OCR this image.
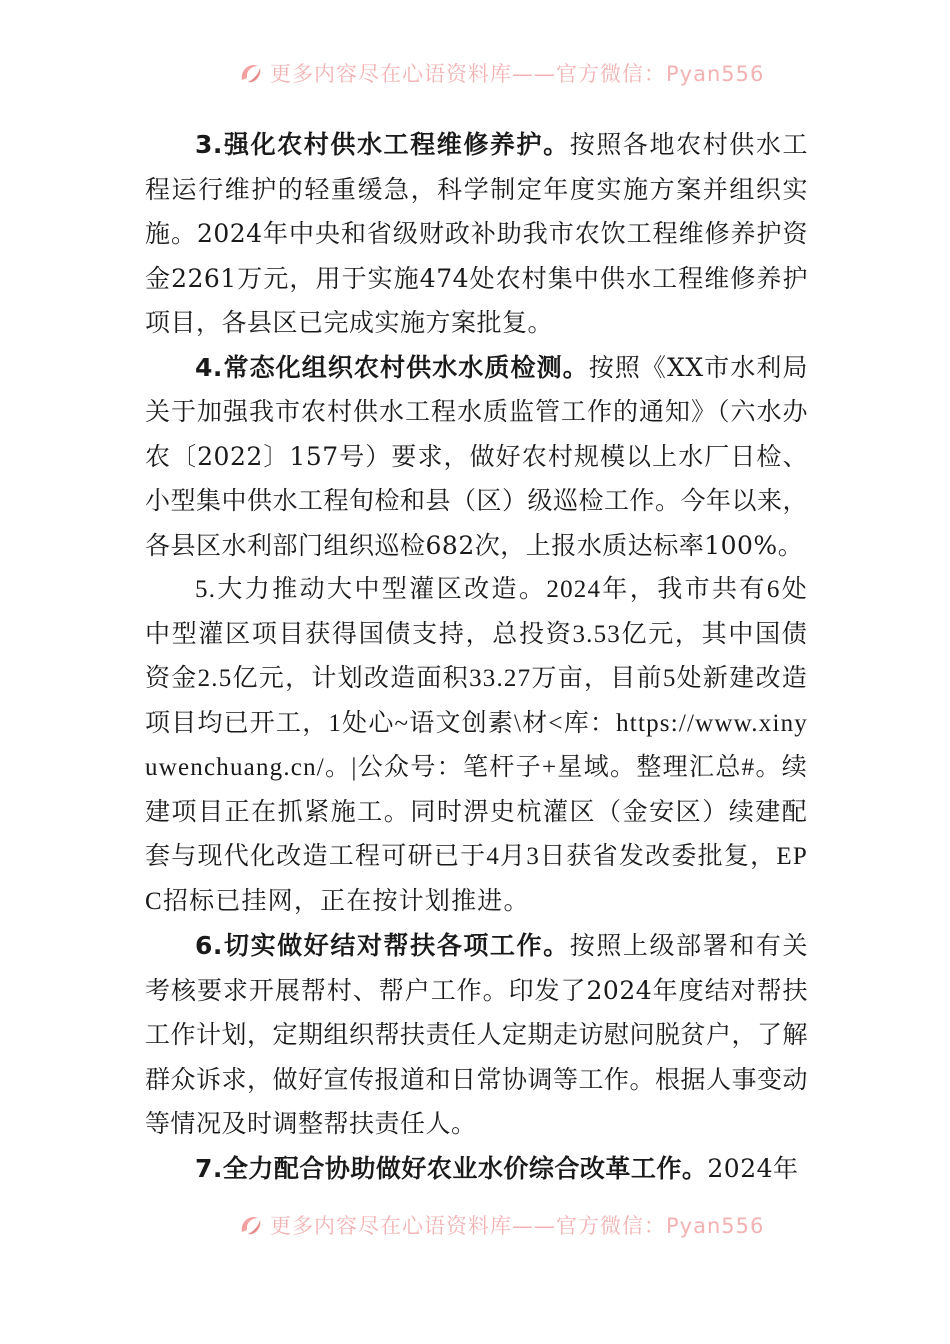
更多内容尽在心语资料库——官方微信：Pyan556

3.强化农村供水工程维修养护。按照各地农村供水工程运行维护的轻重缓急，科学制定年度实施方案并组织实施。2024年中央和省级财政补助我市农饮工程维修养护资金2261万元，用于实施474处农村集中供水工程维修养护项目，各县区已完成实施方案批复。

4.常态化组织农村供水水质检测。按照《XX市水利局关于加强我市农村供水工程水质监管工作的通知》（六水办农〔2022〕157号）要求，做好农村规模以上水厂日检、小型集中供水工程旬检和县（区）级巡检工作。今年以来，各县区水利部门组织巡检682次，上报水质达标率100%。

5.大力推动大中型灌区改造。2024年，我市共有6处中型灌区项目获得国债支持，总投资3.53亿元，其中国债资金2.5亿元，计划改造面积33.27万亩，目前5处新建改造项目均已开工，1处心~语文创素\材<库：https://www.xinyuwenchuang.cn/。|公众号：笔杆子+星域。整理汇总#。续建项目正在抓紧施工。同时淠史杭灌区（金安区）续建配套与现代化改造工程可研已于4月3日获省发改委批复，EPC招标已挂网，正在按计划推进。

6.切实做好结对帮扶各项工作。按照上级部署和有关考核要求开展帮村、帮户工作。印发了2024年度结对帮扶工作计划，定期组织帮扶责任人定期走访慰问脱贫户，了解群众诉求，做好宣传报道和日常协调等工作。根据人事变动等情况及时调整帮扶责任人。

7.全力配合协助做好农业水价综合改革工作。2024年

更多内容尽在心语资料库——官方微信：Pyan556
